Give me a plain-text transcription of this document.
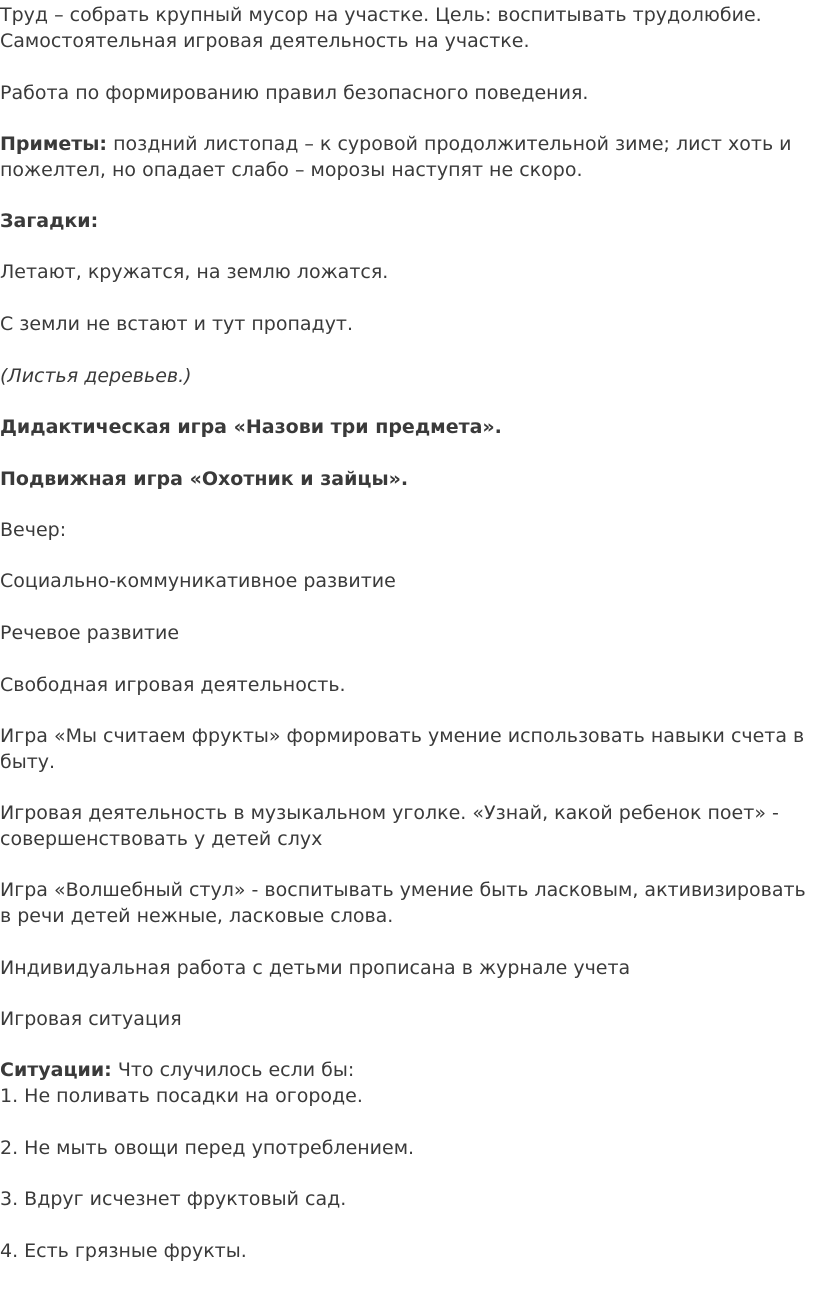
Труд – собрать крупный мусор на участке. Цель: воспитывать трудолюбие. Самостоятельная игровая деятельность на участке.

Работа по формированию правил безопасного поведения.

Приметы: поздний листопад – к суровой продолжительной зиме; лист хоть и пожелтел, но опадает слабо – морозы наступят не скоро.

Загадки:

Летают, кружатся, на землю ложатся.

С земли не встают и тут пропадут.

(Листья деревьев.)

Дидактическая игра «Назови три предмета».

Подвижная игра «Охотник и зайцы».

Вечер:

Социально-коммуникативное развитие

Речевое развитие

Свободная игровая деятельность.

Игра «Мы считаем фрукты» формировать умение использовать навыки счета в быту.

Игровая деятельность в музыкальном уголке. «Узнай, какой ребенок поет» - совершенствовать у детей слух

Игра «Волшебный стул» - воспитывать умение быть ласковым, активизировать в речи детей нежные, ласковые слова.

Индивидуальная работа с детьми прописана в журнале учета

Игровая ситуация

Ситуации: Что случилось если бы:

1. Не поливать посадки на огороде.

2. Не мыть овощи перед употреблением.

3. Вдруг исчезнет фруктовый сад.

4. Есть грязные фрукты.
